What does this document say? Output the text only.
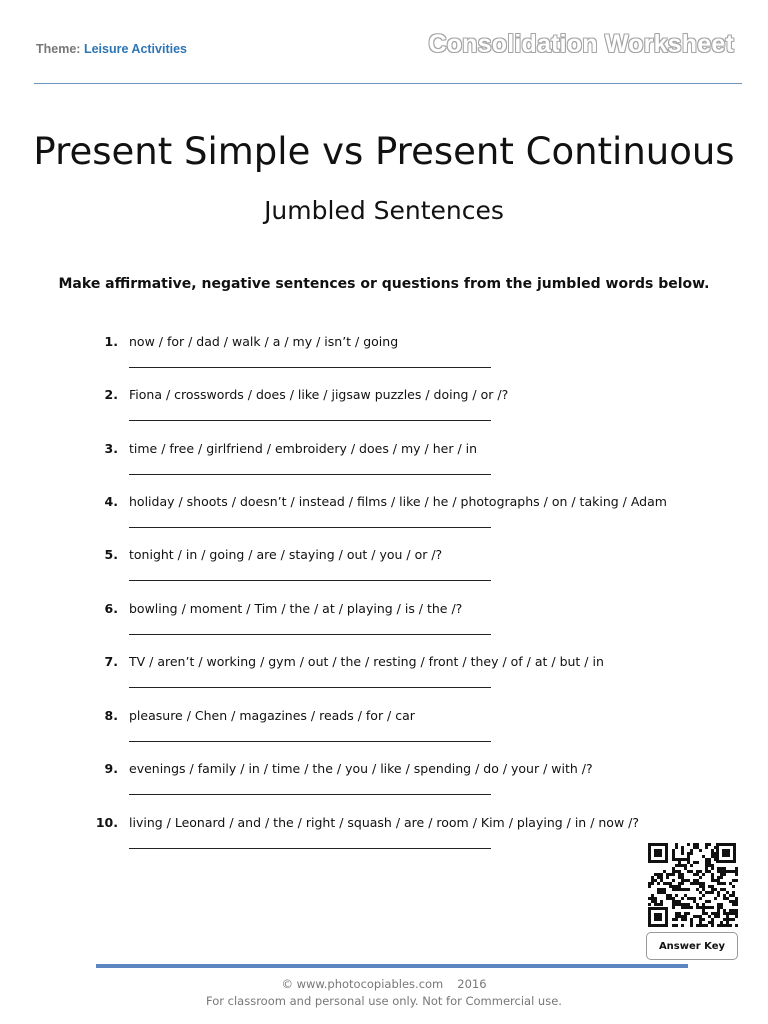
Theme: Leisure Activities	Consolidation Worksheet
Present Simple vs Present Continuous
Jumbled Sentences
Make affirmative, negative sentences or questions from the jumbled words below.
1. now / for / dad / walk / a / my / isn’t / going
2. Fiona / crosswords / does / like / jigsaw puzzles / doing / or /?
3. time / free / girlfriend / embroidery / does / my / her / in
4. holiday / shoots / doesn’t / instead / films / like / he / photographs / on / taking / Adam
5. tonight / in / going / are / staying / out / you / or /?
6. bowling / moment / Tim / the / at / playing / is / the /?
7. TV / aren’t / working / gym / out / the / resting / front / they / of / at / but / in
8. pleasure / Chen / magazines / reads / for / car
9. evenings / family / in / time / the / you / like / spending / do / your / with /?
10. living / Leonard / and / the / right / squash / are / room / Kim / playing / in / now /?
Answer Key
© www.photocopiables.com 2016
For classroom and personal use only. Not for Commercial use.
